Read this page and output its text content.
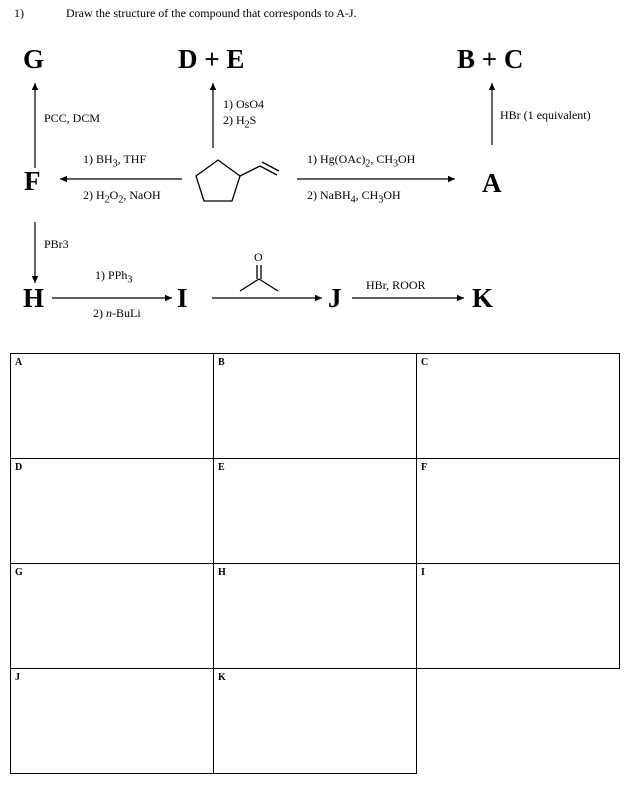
1)	Draw the structure of the compound that corresponds to A-J.
O
G	D + E	B + C
F	A
H	I	J	K
PCC, DCM
1) OsO4
2) $H_2S$	HBr (1 equivalent)
1) $BH_3$, THF
2) $H_2O_2$, NaOH
1) $Hg(OAc)_2$, $CH_3OH$
2) NaBH$_4$, $CH_3OH$
PBr3
1) PPh$_3$
2) n-BuLi
HBr, ROOR
A	B	C

D	E	F

G	H	I

J	K	
